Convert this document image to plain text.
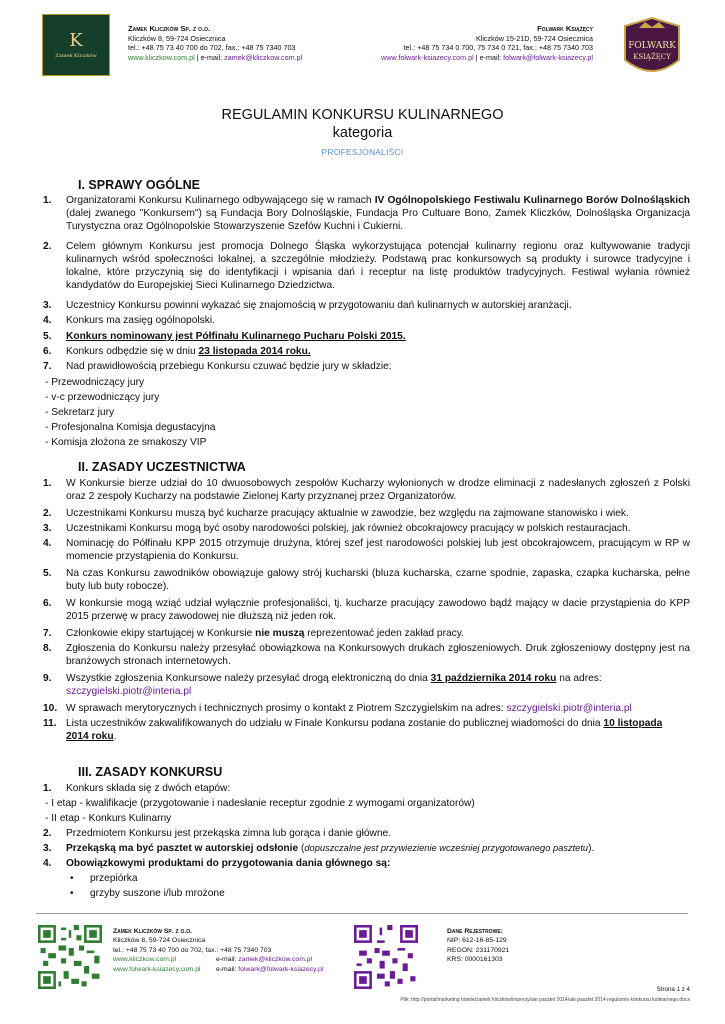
K
Zamek Kliczków
Zamek Kliczków Sp. z o.o.
Kliczków 8, 59-724 Osiecznica
tel.: +48 75 73 40 700 do 702, fax.: +48 75 7340 703
www.kliczkow.com.pl | e-mail: zamek@kliczkow.com.pl
Folwark Książęcy
Kliczków 15-21D, 59-724 Osiecznica
tel.: +48 75 734 0 700, 75 734 0 721, fax.: +48 75 7340 703
www.folwark-ksiazecy.com.pl | e-mail: folwark@folwark-ksiazecy.pl
FOLWARK
KSIĄŻĘCY
REGULAMIN KONKURSU KULINARNEGO
kategoria
PROFESJONALIŚCI
I. SPRAWY OGÓLNE
1.	Organizatorami Konkursu Kulinarnego odbywającego się w ramach IV Ogólnopolskiego Festiwalu Kulinarnego Borów Dolnośląskich (dalej zwanego "Konkursem") są Fundacja Bory Dolnośląskie, Fundacja Pro Cultuare Bono, Zamek Kliczków, Dolnośląska Organizacja Turystyczna oraz Ogólnopolskie Stowarzyszenie Szefów Kuchni i Cukierni.
2.	Celem głównym Konkursu jest promocja Dolnego Śląska wykorzystująca potencjał kulinarny regionu oraz kultywowanie tradycji kulinarnych wśród społeczności lokalnej, a szczególnie młodzieży. Podstawą prac konkursowych są produkty i surowce tradycyjne i lokalne, które przyczynią się do identyfikacji i wpisania dań i receptur na listę produktów tradycyjnych. Festiwal wyłania również kandydatów do Europejskiej Sieci Kulinarnego Dziedzictwa.
3.	Uczestnicy Konkursu powinni wykazać się znajomością w przygotowaniu dań kulinarnych w autorskiej aranżacji.
4.	Konkurs ma zasięg ogólnopolski.
5.	Konkurs nominowany jest Półfinału Kulinarnego Pucharu Polski 2015.
6.	Konkurs odbędzie się w dniu 23 listopada 2014 roku.
7.	Nad prawidłowością przebiegu Konkursu czuwać będzie jury w składzie:
- Przewodniczący jury
- v-c przewodniczący jury
- Sekretarz jury
- Profesjonalna Komisja degustacyjna
- Komisja złożona ze smakoszy VIP
II. ZASADY UCZESTNICTWA
1.	W Konkursie bierze udział do 10 dwuosobowych zespołów Kucharzy wyłonionych w drodze eliminacji z nadesłanych zgłoszeń z Polski oraz 2 zespoły Kucharzy na podstawie Zielonej Karty przyznanej przez Organizatorów.
2.	Uczestnikami Konkursu muszą być kucharze pracujący aktualnie w zawodzie, bez względu na zajmowane stanowisko i wiek.
3.	Uczestnikami Konkursu mogą być osoby narodowości polskiej, jak również obcokrajowcy pracujący w polskich restauracjach.
4.	Nominację do Półfinału KPP 2015 otrzymuje drużyna, której szef jest narodowości polskiej lub jest obcokrajowcem, pracującym w RP w momencie przystąpienia do Konkursu.
5.	Na czas Konkursu zawodników obowiązuje galowy strój kucharski (bluza kucharska, czarne spodnie, zapaska, czapka kucharska, pełne buty lub buty robocze).
6.	W konkursie mogą wziąć udział wyłącznie profesjonaliści, tj. kucharze pracujący zawodowo bądź mający w dacie przystąpienia do KPP 2015 przerwę w pracy zawodowej nie dłuższą niż jeden rok.
7.	Członkowie ekipy startującej w Konkursie nie muszą reprezentować jeden zakład pracy.
8.	Zgłoszenia do Konkursu należy przesyłać obowiązkowa na Konkursowych drukach zgłoszeniowych. Druk zgłoszeniowy dostępny jest na branżowych stronach internetowych.
9.	Wszystkie zgłoszenia Konkursowe należy przesyłać drogą elektroniczną do dnia 31 października 2014 roku na adres:
szczygielski.piotr@interia.pl
10. W sprawach merytorycznych i technicznych prosimy o kontakt z Piotrem Szczygielskim na adres: szczygielski.piotr@interia.pl
11. Lista uczestników zakwalifikowanych do udziału w Finale Konkursu podana zostanie do publicznej wiadomości do dnia 10 listopada
2014 roku.
III. ZASADY KONKURSU
1.	Konkurs składa się z dwóch etapów:
- I etap - kwalifikacje (przygotowanie i nadesłanie receptur zgodnie z wymogami organizatorów)
- II etap - Konkurs Kulinarny
2.	Przedmiotem Konkursu jest przekąska zimna lub gorąca i danie główne.
3.	Przekąską ma być pasztet w autorskiej odsłonie (dopuszczalne jest przywiezienie wcześniej przygotowanego pasztetu).
4.	Obowiązkowymi produktami do przygotowania dania głównego są:
• przepiórka
• grzyby suszone i/lub mrożone
Zamek Kliczków Sp. z o.o.
Kliczków 8, 59-724 Osiecznica
tel.: +48 75 73 40 700 do 702, fax.: +48 75 7340 703
www.kliczkow.com.pl	e-mail: zamek@kliczkow.com.pl
www.folwark-ksiazecy.com.pl e-mail: folwark@folwark-ksiazecy.pl
Dane Rejestrowe:
NIP: 612-16-85-129
REGON: 231170921
KRS: 0000161303
Strona 1 z 4
Plik: http://portal/marketing hotele/zamek kliczków/imprezy/ale pasztet 2014/ale pasztet 2014 regulamin konkursu kulinarnego.docx
